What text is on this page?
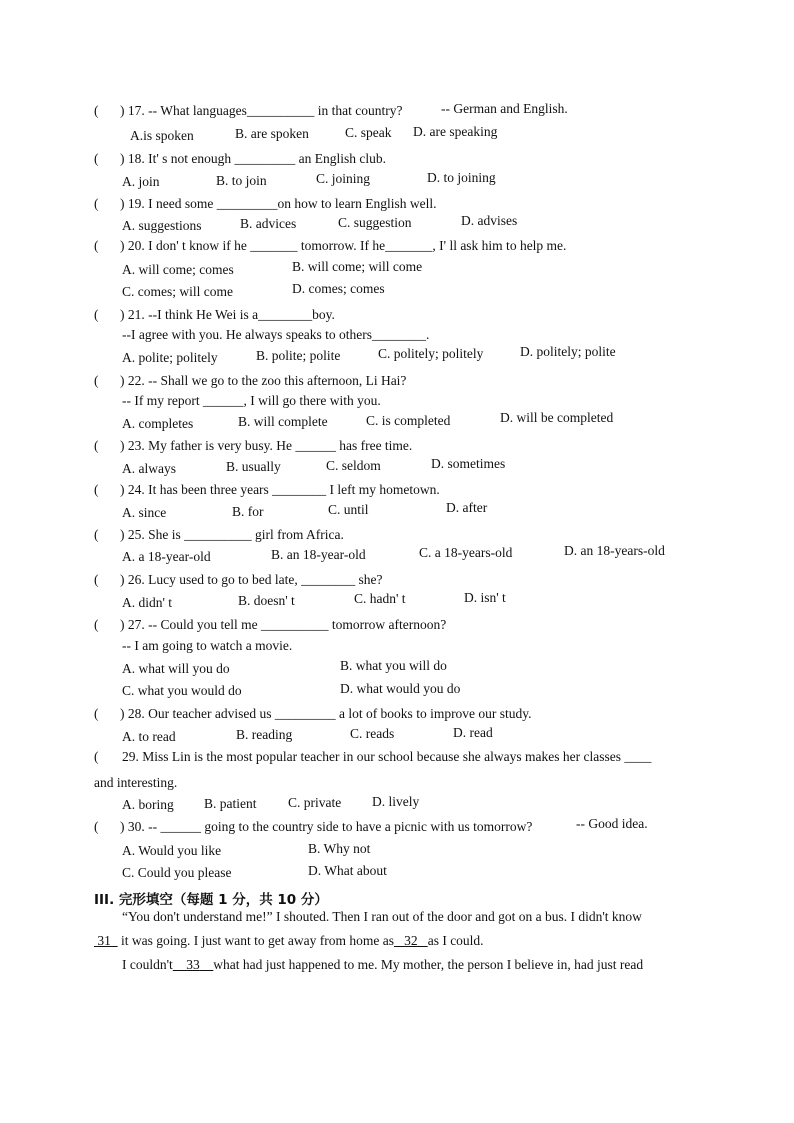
( ) 17. -- What languages__________ in that country?	-- German and English.
A.is spoken	B. are spoken	C. speak D. are speaking
( ) 18. It' s not enough _________ an English club.
A. join	B. to join	C. joining	D. to joining
( ) 19. I need some _________on how to learn English well.
A. suggestions	B. advices	C. suggestion	D. advises
( ) 20. I don' t know if he _______ tomorrow. If he_______, I' ll ask him to help me.
A. will come; comes	B. will come; will come
C. comes; will come	D. comes; comes
( ) 21. --I think He Wei is a________boy.
--I agree with you. He always speaks to others________.
A. polite; politely	B. polite; polite	C. politely; politely	D. politely; polite
( ) 22. -- Shall we go to the zoo this afternoon, Li Hai?
-- If my report ______, I will go there with you.
A. completes	B. will complete	C. is completed	D. will be completed
( ) 23. My father is very busy. He ______ has free time.
A. always	B. usually	C. seldom	D. sometimes
( ) 24. It has been three years ________ I left my hometown.
A. since	B. for	C. until	D. after
( ) 25. She is __________ girl from Africa.
A. a 18-year-old	B. an 18-year-old	C. a 18-years-old	D. an 18-years-old
( ) 26. Lucy used to go to bed late, ________ she?
A. didn' t	B. doesn' t	C. hadn' t	D. isn' t
( ) 27. -- Could you tell me __________ tomorrow afternoon?
-- I am going to watch a movie.
A. what will you do	B. what you will do
C. what you would do	D. what would you do
( ) 28. Our teacher advised us _________ a lot of books to improve our study.
A. to read	B. reading	C. reads	D. read
( 29. Miss Lin is the most popular teacher in our school because she always makes her classes ____
and interesting.
A. boring B. patient C. private D. lively
( ) 30. -- ______ going to the country side to have a picnic with us tomorrow?	-- Good idea.
A. Would you like	B. Why not
C. Could you please	D. What about
III. 完形填空（每题 1 分，共 10 分）
“You don't understand me!” I shouted. Then I ran out of the door and got on a bus. I didn't know
31   it was going. I just want to get away from home as 32 as I could.
I couldn't 33 what had just happened to me. My mother, the person I believe in, had just read
